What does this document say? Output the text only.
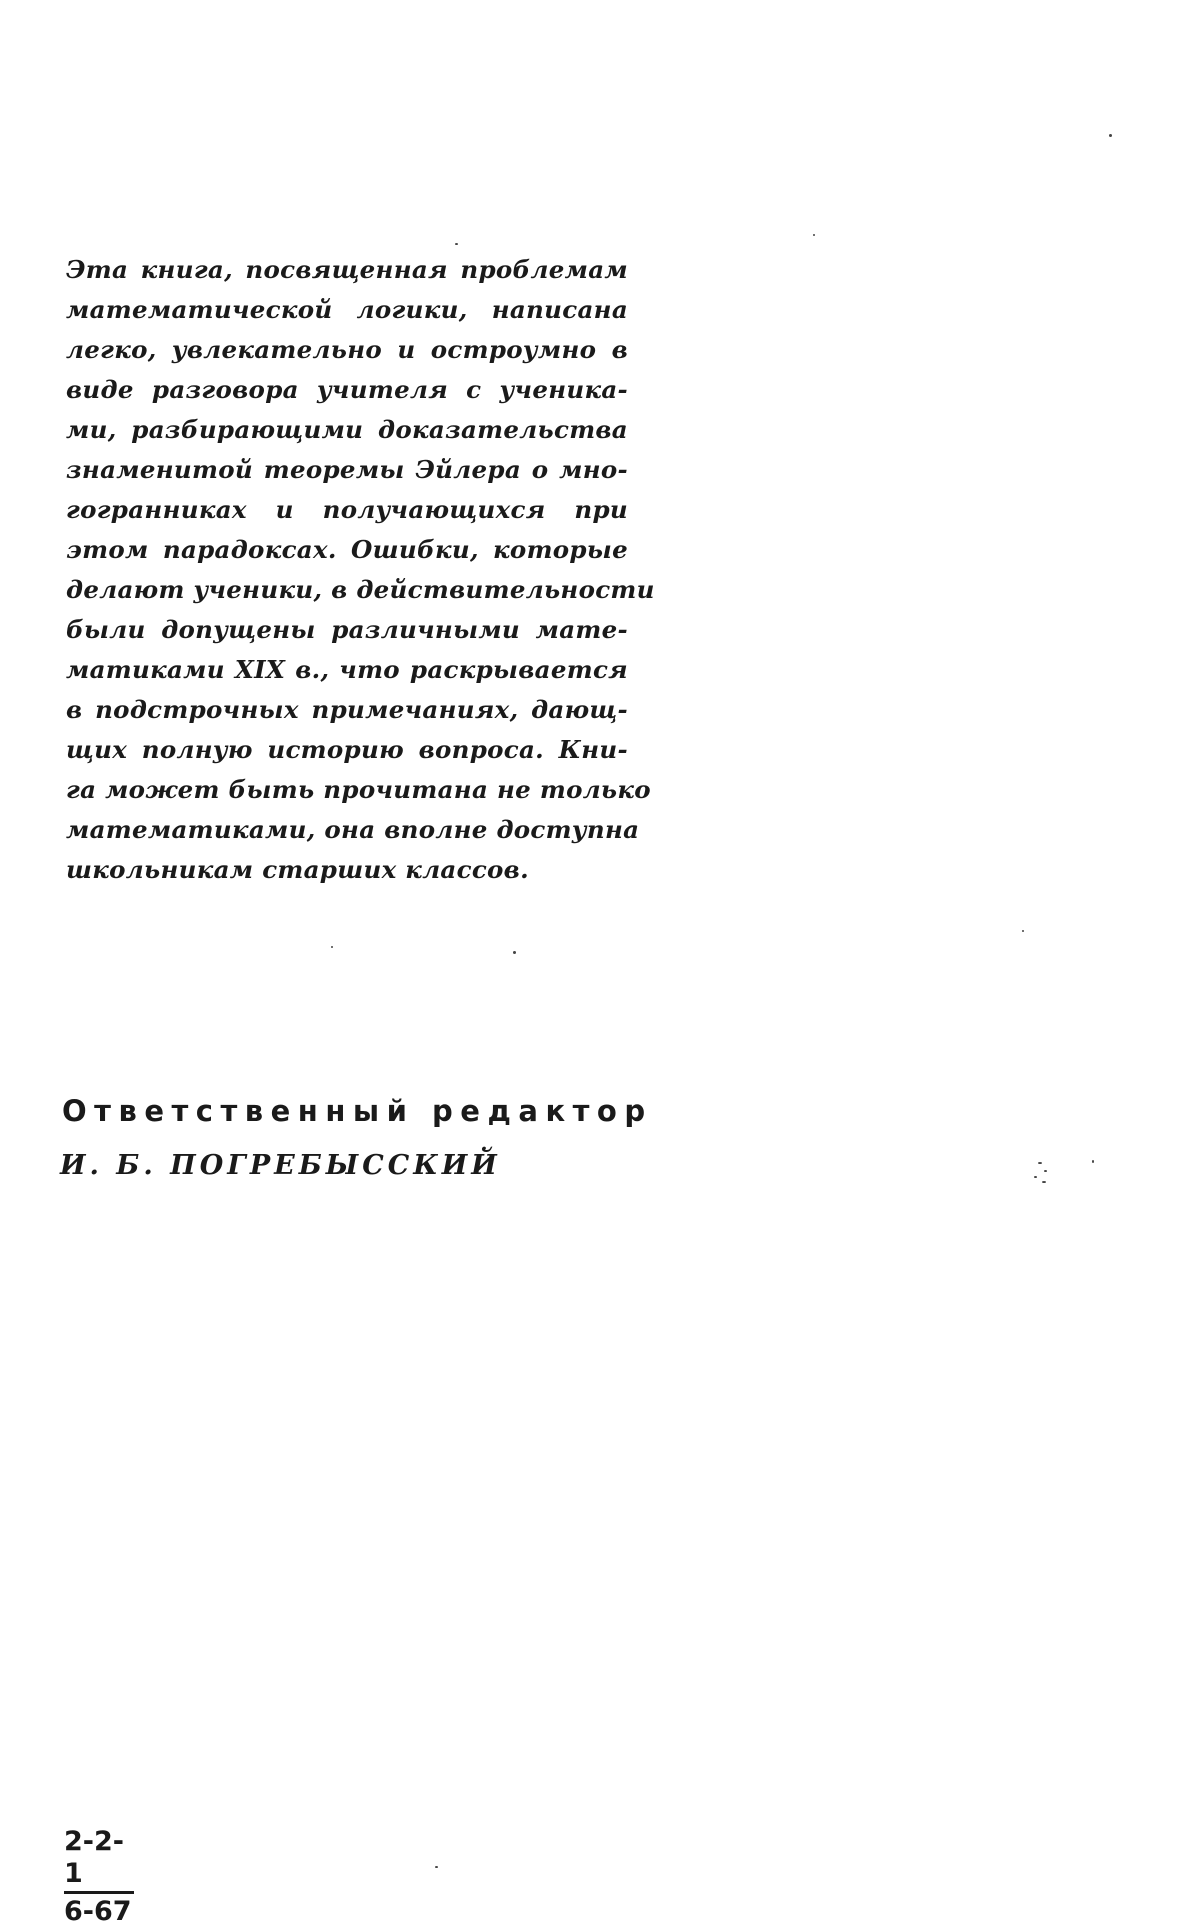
Эта книга, посвященная проблемам
математической логики, написана
легко, увлекательно и остроумно в
виде разговора учителя с ученика-
ми, разбирающими доказательства
знаменитой теоремы Эйлера о мно-
гогранниках и получающихся при
этом парадоксах. Ошибки, которые
делают ученики, в действительности
были допущены различными мате-
матиками XIX в., что раскрывается
в подстрочных примечаниях, дающ-
щих полную историю вопроса. Кни-
га может быть прочитана не только
математиками, она вполне доступна
школьникам старших классов.
Ответственный редактор
И. Б. ПОГРЕБЫССКИЙ
2-2-1
6-67
